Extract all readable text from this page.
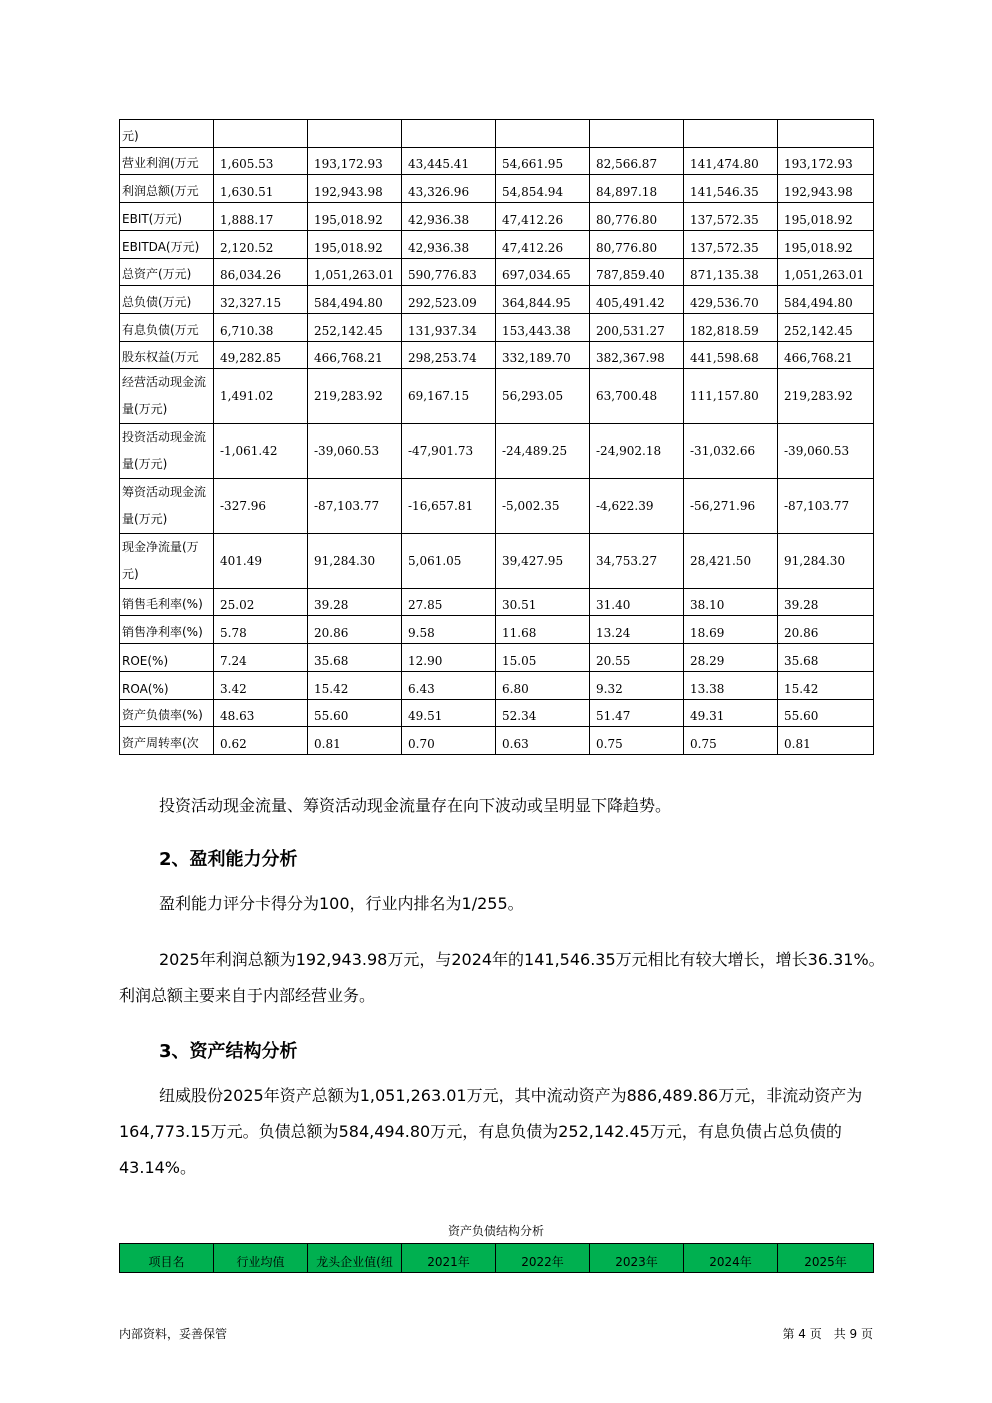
元)							
营业利润(万元	1,605.53	193,172.93	43,445.41	54,661.95	82,566.87	141,474.80	193,172.93
利润总额(万元	1,630.51	192,943.98	43,326.96	54,854.94	84,897.18	141,546.35	192,943.98
EBIT(万元)	1,888.17	195,018.92	42,936.38	47,412.26	80,776.80	137,572.35	195,018.92
EBITDA(万元)	2,120.52	195,018.92	42,936.38	47,412.26	80,776.80	137,572.35	195,018.92
总资产(万元)	86,034.26	1,051,263.01	590,776.83	697,034.65	787,859.40	871,135.38	1,051,263.01
总负债(万元)	32,327.15	584,494.80	292,523.09	364,844.95	405,491.42	429,536.70	584,494.80
有息负债(万元	6,710.38	252,142.45	131,937.34	153,443.38	200,531.27	182,818.59	252,142.45
股东权益(万元	49,282.85	466,768.21	298,253.74	332,189.70	382,367.98	441,598.68	466,768.21
经营活动现金流量(万元)	1,491.02	219,283.92	69,167.15	56,293.05	63,700.48	111,157.80	219,283.92
投资活动现金流量(万元)	-1,061.42	-39,060.53	-47,901.73	-24,489.25	-24,902.18	-31,032.66	-39,060.53
筹资活动现金流量(万元)	-327.96	-87,103.77	-16,657.81	-5,002.35	-4,622.39	-56,271.96	-87,103.77
现金净流量(万元)	401.49	91,284.30	5,061.05	39,427.95	34,753.27	28,421.50	91,284.30
销售毛利率(%)	25.02	39.28	27.85	30.51	31.40	38.10	39.28
销售净利率(%)	5.78	20.86	9.58	11.68	13.24	18.69	20.86
ROE(%)	7.24	35.68	12.90	15.05	20.55	28.29	35.68
ROA(%)	3.42	15.42	6.43	6.80	9.32	13.38	15.42
资产负债率(%)	48.63	55.60	49.51	52.34	51.47	49.31	55.60
资产周转率(次	0.62	0.81	0.70	0.63	0.75	0.75	0.81
投资活动现金流量、筹资活动现金流量存在向下波动或呈明显下降趋势。
2、盈利能力分析
盈利能力评分卡得分为100，行业内排名为1/255。
2025年利润总额为192,943.98万元，与2024年的141,546.35万元相比有较大增长，增长36.31%。利润总额主要来自于内部经营业务。
3、资产结构分析
纽威股份2025年资产总额为1,051,263.01万元，其中流动资产为886,489.86万元，非流动资产为164,773.15万元。负债总额为584,494.80万元，有息负债为252,142.45万元，有息负债占总负债的43.14%。
资产负债结构分析
项目名	行业均值	龙头企业值(纽	2021年	2022年	2023年	2024年	2025年
内部资料，妥善保管	第 4 页　共 9 页
